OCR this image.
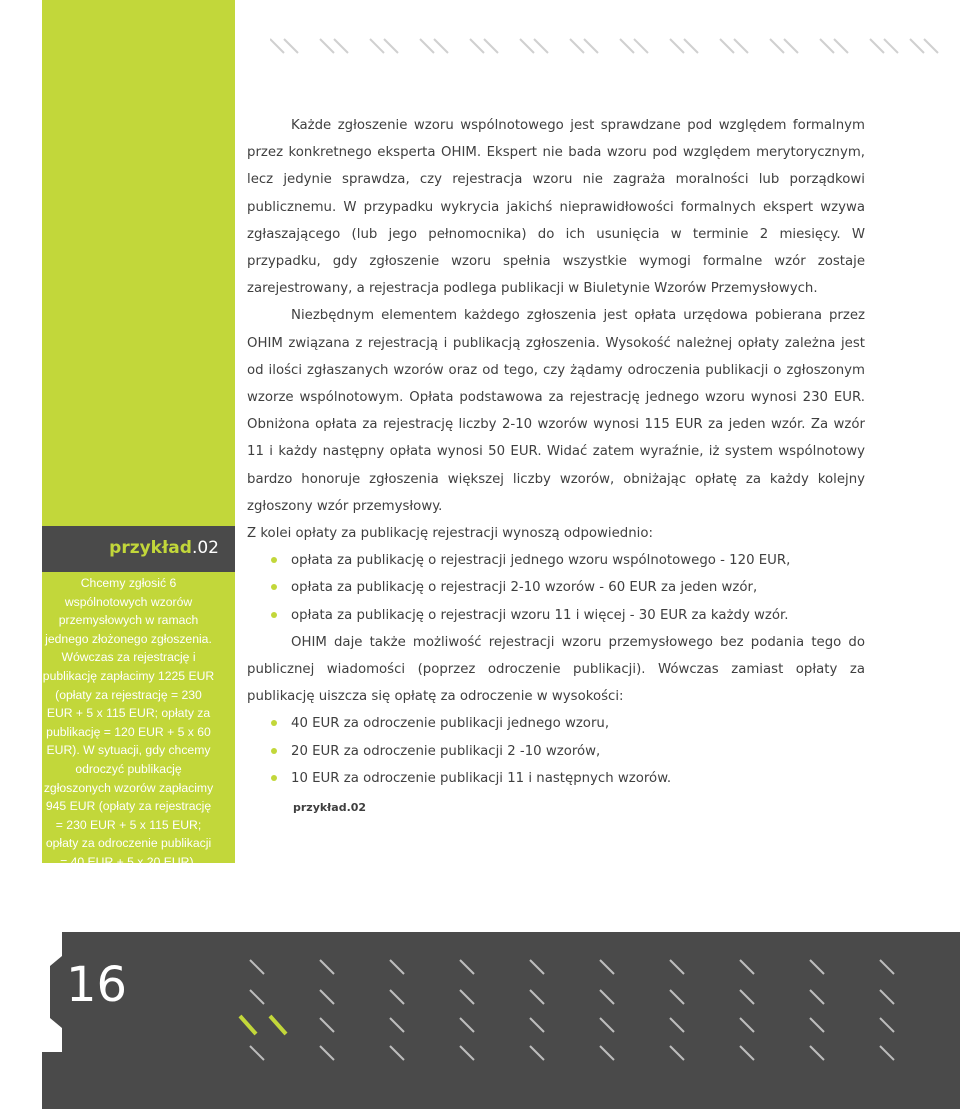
przykład.02
Chcemy zgłosić 6 wspólnotowych wzorów przemysłowych w ramach jednego złożonego zgłoszenia. Wówczas za rejestrację i publikację zapłacimy 1225 EUR (opłaty za rejestrację = 230 EUR + 5 x 115 EUR; opłaty za publikację = 120 EUR + 5 x 60 EUR). W sytuacji, gdy chcemy odroczyć publikację zgłoszonych wzorów zapłacimy 945 EUR (opłaty za rejestrację = 230 EUR + 5 x 115 EUR; opłaty za odroczenie publikacji = 40 EUR + 5 x 20 EUR).

Każde zgłoszenie wzoru wspólnotowego jest sprawdzane pod względem formalnym przez konkretnego eksperta OHIM. Ekspert nie bada wzoru pod względem merytorycznym, lecz jedynie sprawdza, czy rejestracja wzoru nie zagraża moralności lub porządkowi publicznemu. W przypadku wykrycia jakichś nieprawidłowości formalnych ekspert wzywa zgłaszającego (lub jego pełnomocnika) do ich usunięcia w terminie 2 miesięcy. W przypadku, gdy zgłoszenie wzoru spełnia wszystkie wymogi formalne wzór zostaje zarejestrowany, a rejestracja podlega publikacji w Biuletynie Wzorów Przemysłowych.

Niezbędnym elementem każdego zgłoszenia jest opłata urzędowa pobierana przez OHIM związana z rejestracją i publikacją zgłoszenia. Wysokość należnej opłaty zależna jest od ilości zgłaszanych wzorów oraz od tego, czy żądamy odroczenia publikacji o zgłoszonym wzorze wspólnotowym. Opłata podstawowa za rejestrację jednego wzoru wynosi 230 EUR. Obniżona opłata za rejestrację liczby 2-10 wzorów wynosi 115 EUR za jeden wzór. Za wzór 11 i każdy następny opłata wynosi 50 EUR. Widać zatem wyraźnie, iż system wspólnotowy bardzo honoruje zgłoszenia większej liczby wzorów, obniżając opłatę za każdy kolejny zgłoszony wzór przemysłowy.

Z kolei opłaty za publikację rejestracji wynoszą odpowiednio:

opłata za publikację o rejestracji jednego wzoru wspólnotowego - 120 EUR,
opłata za publikację o rejestracji 2-10 wzorów - 60 EUR za jeden wzór,
opłata za publikację o rejestracji wzoru 11 i więcej - 30 EUR za każdy wzór.

OHIM daje także możliwość rejestracji wzoru przemysłowego bez podania tego do publicznej wiadomości (poprzez odroczenie publikacji). Wówczas zamiast opłaty za publikację uiszcza się opłatę za odroczenie w wysokości:

40 EUR za odroczenie publikacji jednego wzoru,
20 EUR za odroczenie publikacji 2 -10 wzorów,
10 EUR za odroczenie publikacji 11 i następnych wzorów.
przykład.02
16
